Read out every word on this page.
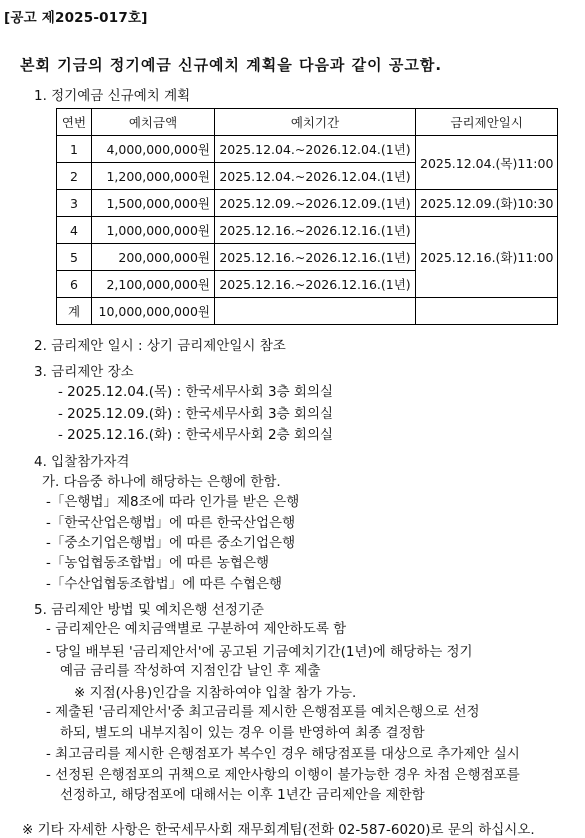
[공고 제2025-017호]
본회 기금의 정기예금 신규예치 계획을 다음과 같이 공고함.
1. 정기예금 신규예치 계획
연번	예치금액	예치기간	금리제안일시
1	4,000,000,000원	2025.12.04.~2026.12.04.(1년)	2025.12.04.(목)11:00
2	1,200,000,000원	2025.12.04.~2026.12.04.(1년)	
3	1,500,000,000원	2025.12.09.~2026.12.09.(1년)	2025.12.09.(화)10:30
4	1,000,000,000원	2025.12.16.~2026.12.16.(1년)	2025.12.16.(화)11:00
5	200,000,000원	2025.12.16.~2026.12.16.(1년)	
6	2,100,000,000원	2025.12.16.~2026.12.16.(1년)	
계	10,000,000,000원		
2. 금리제안 일시 : 상기 금리제안일시 참조
3. 금리제안 장소
- 2025.12.04.(목) : 한국세무사회 3층 회의실
- 2025.12.09.(화) : 한국세무사회 3층 회의실
- 2025.12.16.(화) : 한국세무사회 2층 회의실
4. 입찰참가자격
가. 다음중 하나에 해당하는 은행에 한함.
-「은행법」제8조에 따라 인가를 받은 은행
-「한국산업은행법」에 따른 한국산업은행
-「중소기업은행법」에 따른 중소기업은행
-「농업협동조합법」에 따른 농협은행
-「수산업협동조합법」에 따른 수협은행
5. 금리제안 방법 및 예치은행 선정기준
- 금리제안은 예치금액별로 구분하여 제안하도록 함
- 당일 배부된 '금리제안서'에 공고된 기금예치기간(1년)에 해당하는 정기
예금 금리를 작성하여 지점인감 날인 후 제출
※ 지점(사용)인감을 지참하여야 입찰 참가 가능.
- 제출된 '금리제안서'중 최고금리를 제시한 은행점포를 예치은행으로 선정
하되, 별도의 내부지침이 있는 경우 이를 반영하여 최종 결정함
- 최고금리를 제시한 은행점포가 복수인 경우 해당점포를 대상으로 추가제안 실시
- 선정된 은행점포의 귀책으로 제안사항의 이행이 불가능한 경우 차점 은행점포를
선정하고, 해당점포에 대해서는 이후 1년간 금리제안을 제한함
※ 기타 자세한 사항은 한국세무사회 재무회계팀(전화 02-587-6020)로 문의 하십시오.
